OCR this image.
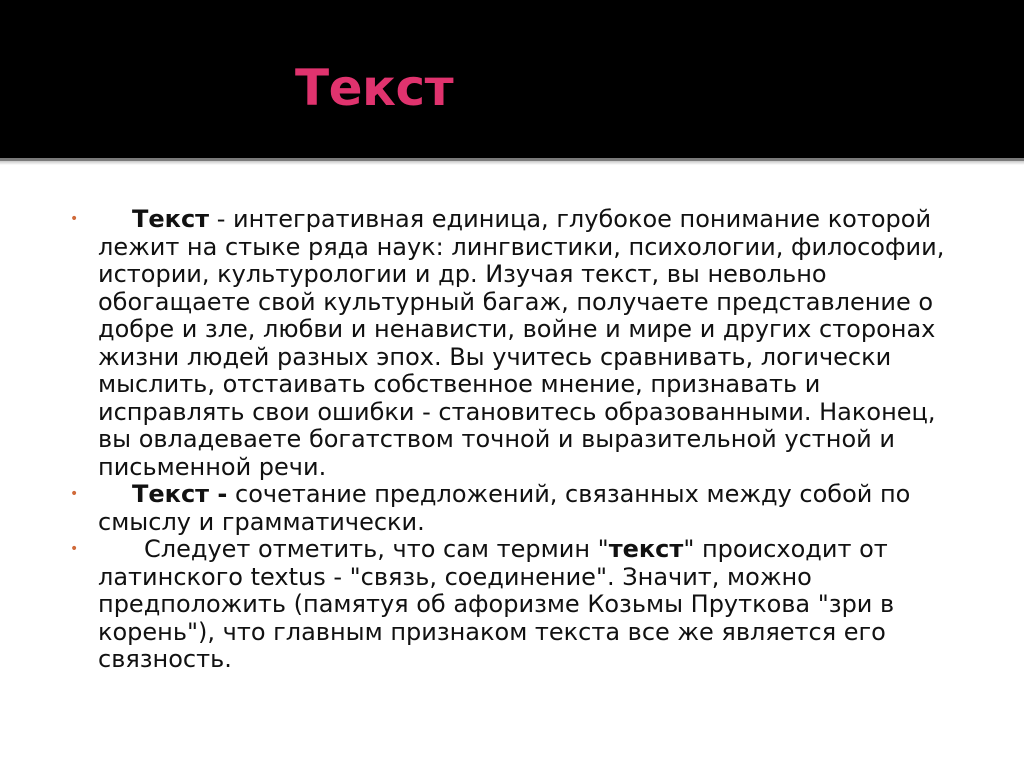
Текст
• Текст - интегративная единица, глубокое понимание которой лежит на стыке ряда наук: лингвистики, психологии, философии, истории, культурологии и др. Изучая текст, вы невольно обогащаете свой культурный багаж, получаете представление о добре и зле, любви и ненависти, войне и мире и других сторонах жизни людей разных эпох. Вы учитесь сравнивать, логически мыслить, отстаивать собственное мнение, признавать и исправлять свои ошибки - становитесь образованными. Наконец, вы овладеваете богатством точной и выразительной устной и письменной речи.
• Текст - сочетание предложений, связанных между собой по смыслу и грамматически.
•	Следует отметить, что сам термин "текст" происходит от латинского textus - "связь, соединение". Значит, можно предположить (памятуя об афоризме Козьмы Пруткова "зри в корень"), что главным признаком текста все же является его связность.
